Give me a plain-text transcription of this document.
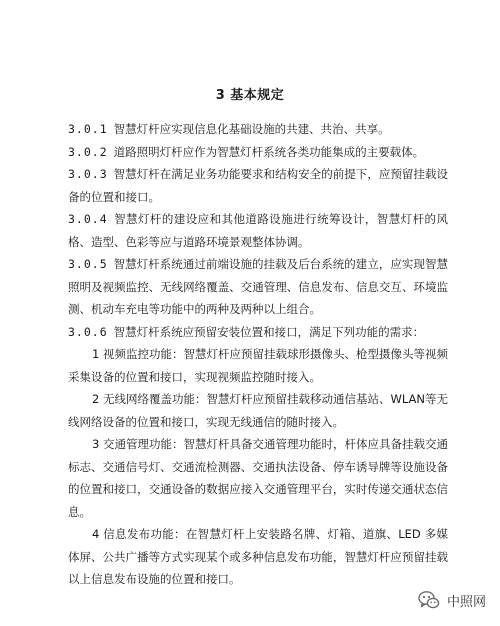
3 基本规定

3.0.1 智慧灯杆应实现信息化基础设施的共建、共治、共享。

3.0.2 道路照明灯杆应作为智慧灯杆系统各类功能集成的主要载体。

3.0.3 智慧灯杆在满足业务功能要求和结构安全的前提下，应预留挂载设备的位置和接口。

3.0.4 智慧灯杆的建设应和其他道路设施进行统筹设计，智慧灯杆的风格、造型、色彩等应与道路环境景观整体协调。

3.0.5 智慧灯杆系统通过前端设施的挂载及后台系统的建立，应实现智慧照明及视频监控、无线网络覆盖、交通管理、信息发布、信息交互、环境监测、机动车充电等功能中的两种及两种以上组合。

3.0.6 智慧灯杆系统应预留安装位置和接口，满足下列功能的需求：

1 视频监控功能：智慧灯杆应预留挂载球形摄像头、枪型摄像头等视频采集设备的位置和接口，实现视频监控随时接入。

2 无线网络覆盖功能：智慧灯杆应预留挂载移动通信基站、WLAN等无线网络设备的位置和接口，实现无线通信的随时接入。

3 交通管理功能：智慧灯杆具备交通管理功能时，杆体应具备挂载交通标志、交通信号灯、交通流检测器、交通执法设备、停车诱导牌等设施设备的位置和接口，交通设备的数据应接入交通管理平台，实时传递交通状态信息。

4 信息发布功能：在智慧灯杆上安装路名牌、灯箱、道旗、LED 多媒体屏、公共广播等方式实现某个或多种信息发布功能，智慧灯杆应预留挂载以上信息发布设施的位置和接口。

中照网
